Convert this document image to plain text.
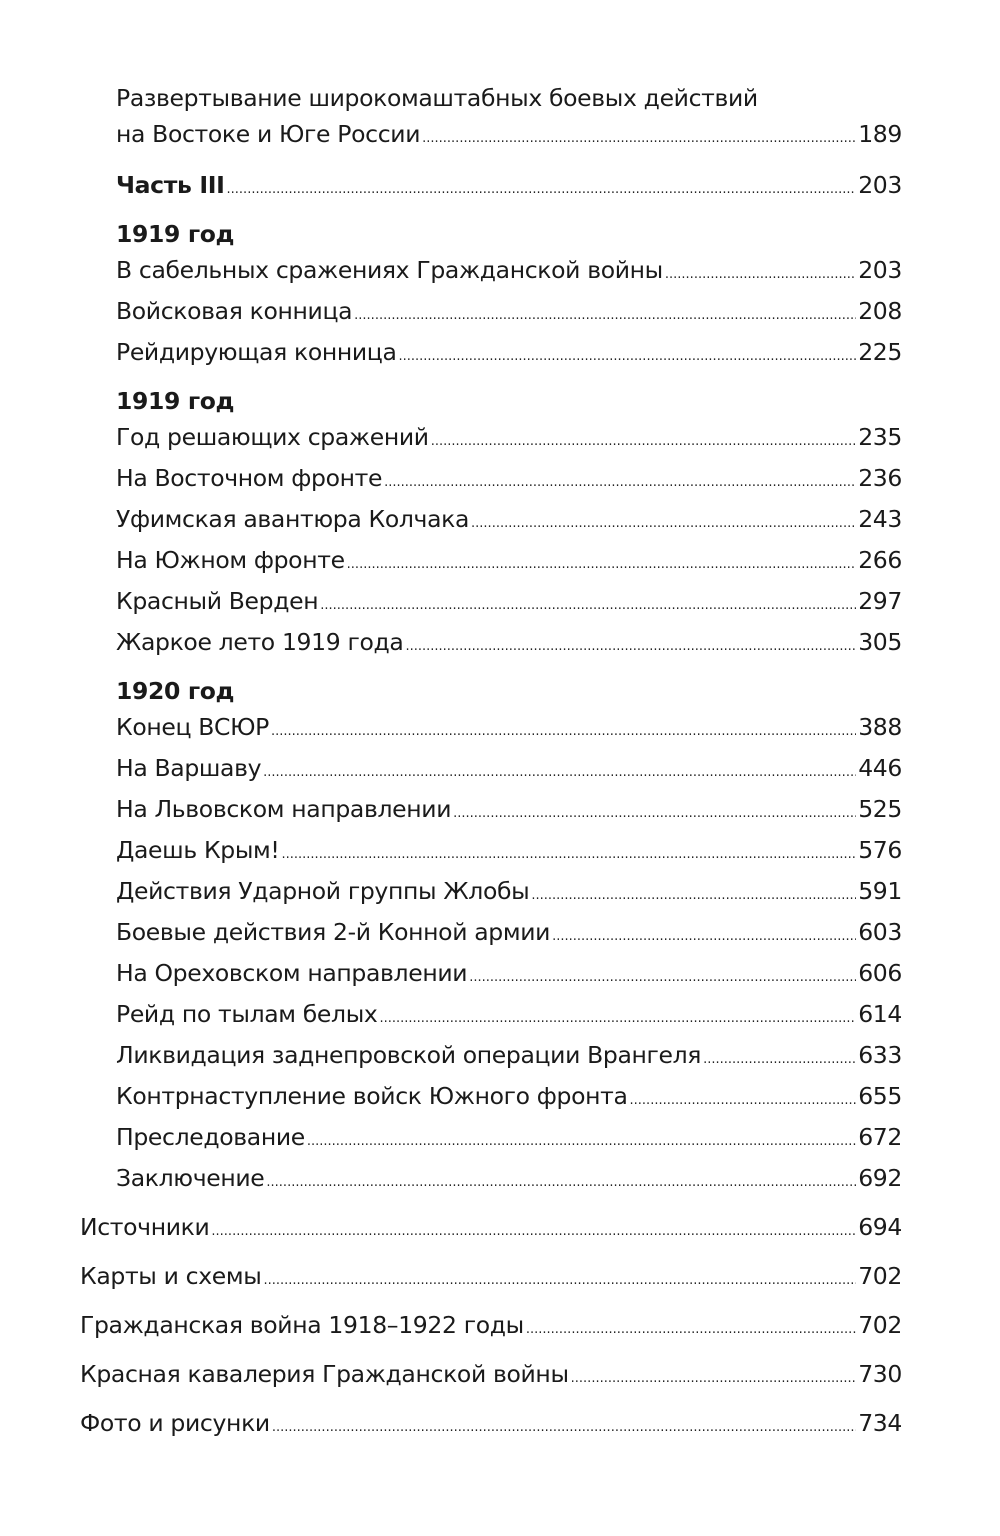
Развертывание широкомаштабных боевых действий
на Востоке и Юге России .....	189
Часть III .....	203
1919 год
В сабельных сражениях Гражданской войны .....	203
Войсковая конница .....	208
Рейдирующая конница .....	225
1919 год
Год решающих сражений .....	235
На Восточном фронте .....	236
Уфимская авантюра Колчака .....	243
На Южном фронте .....	266
Красный Верден .....	297
Жаркое лето 1919 года .....	305
1920 год
Конец ВСЮР .....	388
На Варшаву .....	446
На Львовском направлении .....	525
Даешь Крым! .....	576
Действия Ударной группы Жлобы .....	591
Боевые действия 2-й Конной армии .....	603
На Ореховском направлении .....	606
Рейд по тылам белых .....	614
Ликвидация заднепровской операции Врангеля .....	633
Контрнаступление войск Южного фронта .....	655
Преследование .....	672
Заключение .....	692
Источники .....	694
Карты и схемы .....	702
Гражданская война 1918–1922 годы .....	702
Красная кавалерия Гражданской войны .....	730
Фото и рисунки .....	734
